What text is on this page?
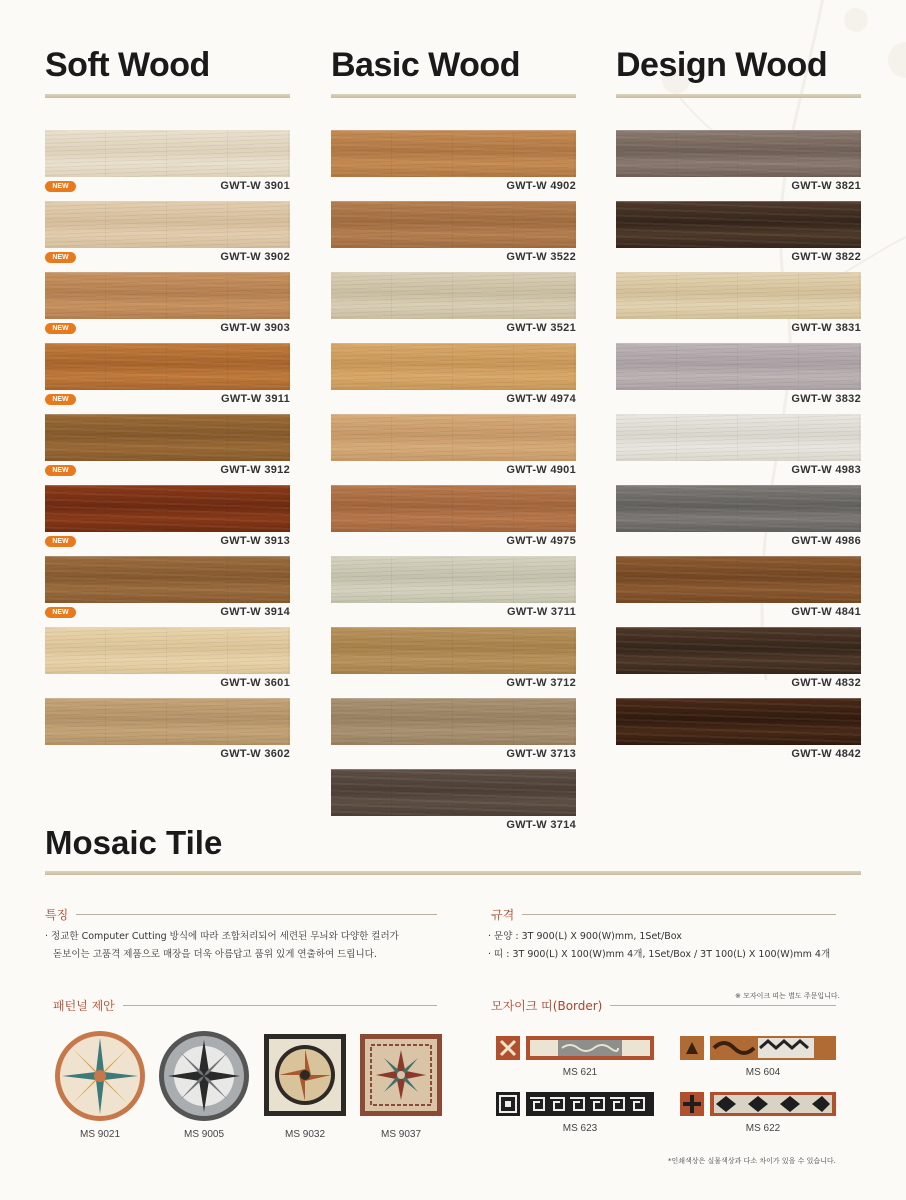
Soft Wood	Basic Wood	Design Wood
NEW	GWT-W 3901
NEW	GWT-W 3902
NEW	GWT-W 3903
NEW	GWT-W 3911
NEW	GWT-W 3912
NEW	GWT-W 3913
NEW	GWT-W 3914
GWT-W 3601
GWT-W 3602
GWT-W 4902
GWT-W 3522
GWT-W 3521
GWT-W 4974
GWT-W 4901
GWT-W 4975
GWT-W 3711
GWT-W 3712
GWT-W 3713
GWT-W 3714
GWT-W 3821
GWT-W 3822
GWT-W 3831
GWT-W 3832
GWT-W 4983
GWT-W 4986
GWT-W 4841
GWT-W 4832
GWT-W 4842
Mosaic Tile
특징
· 정교한 Computer Cutting 방식에 따라 조합처리되어 세련된 무늬와 다양한 컬러가
돋보이는 고품격 제품으로 매장을 더욱 아름답고 품위 있게 연출하여 드립니다.
규격
· 문양 : 3T 900(L) X 900(W)mm, 1Set/Box
· 띠 : 3T 900(L) X 100(W)mm 4개, 1Set/Box / 3T 100(L) X 100(W)mm 4개
패턴널 제안	모자이크 띠(Border)
※ 모자이크 띠는 별도 주문입니다.
MS 9021	MS 9005	MS 9032	MS 9037
MS 621	MS 604
MS 623	MS 622
*인쇄색상은 실물색상과 다소 차이가 있을 수 있습니다.
